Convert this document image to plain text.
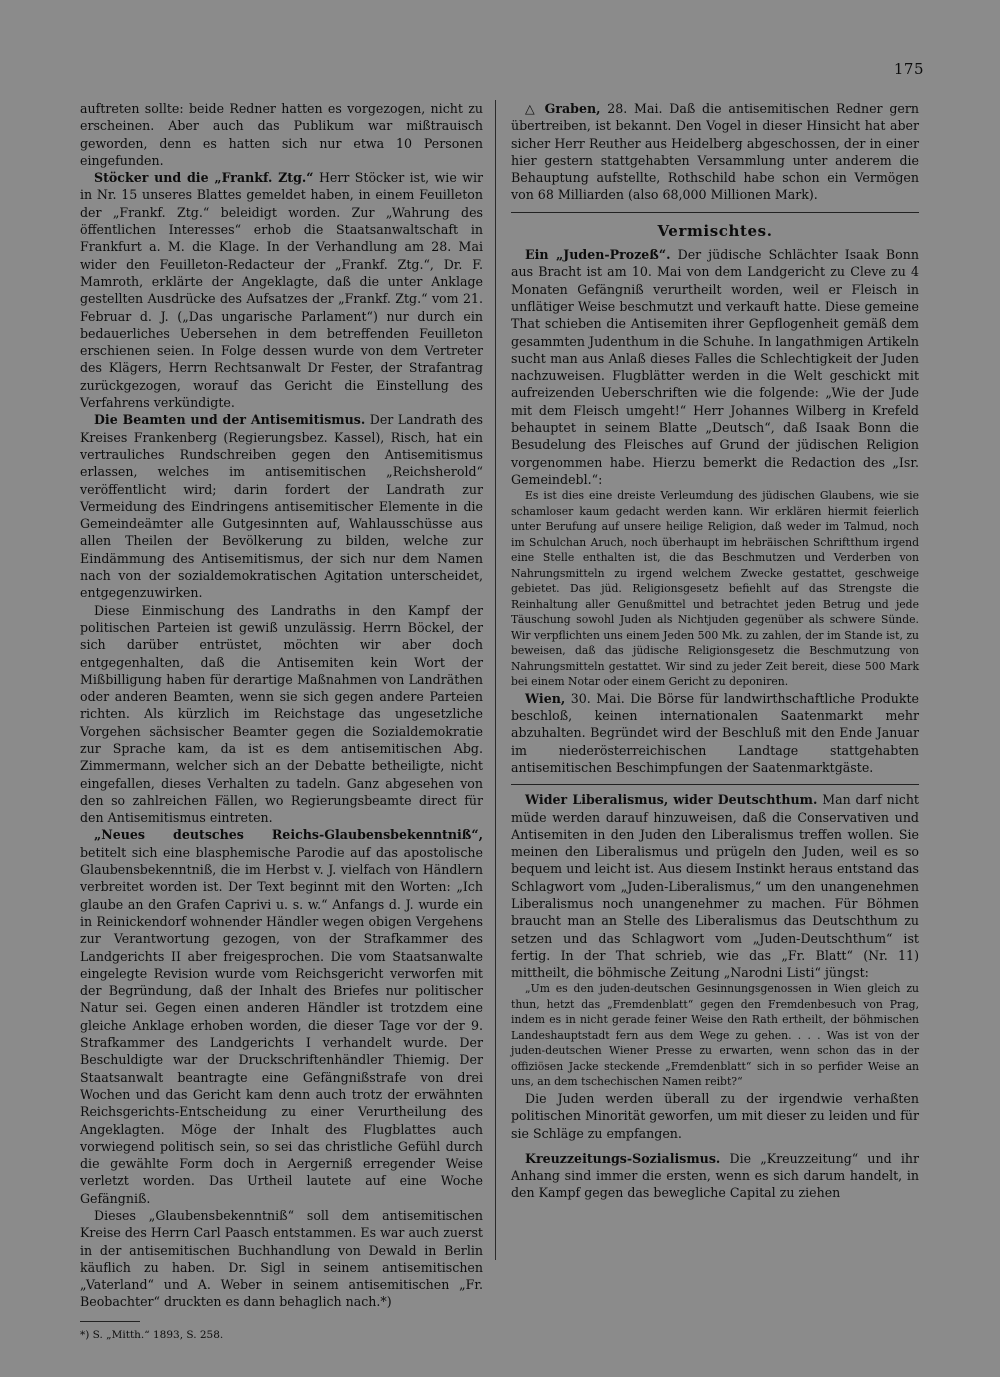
175

auftreten sollte: beide Redner hatten es vorgezogen, nicht zu erscheinen. Aber auch das Publikum war mißtrauisch geworden, denn es hatten sich nur etwa 10 Personen eingefunden.

Stöcker und die „Frankf. Ztg.“ Herr Stöcker ist, wie wir in Nr. 15 unseres Blattes gemeldet haben, in einem Feuilleton der „Frankf. Ztg.“ beleidigt worden. Zur „Wahrung des öffentlichen Interesses“ erhob die Staatsanwaltschaft in Frankfurt a. M. die Klage. In der Verhandlung am 28. Mai wider den Feuilleton-Redacteur der „Frankf. Ztg.“, Dr. F. Mamroth, erklärte der Angeklagte, daß die unter Anklage gestellten Ausdrücke des Aufsatzes der „Frankf. Ztg.“ vom 21. Februar d. J. („Das ungarische Parlament“) nur durch ein bedauerliches Uebersehen in dem betreffenden Feuilleton erschienen seien. In Folge dessen wurde von dem Vertreter des Klägers, Herrn Rechtsanwalt Dr Fester, der Strafantrag zurückgezogen, worauf das Gericht die Einstellung des Verfahrens verkündigte.

Die Beamten und der Antisemitismus. Der Landrath des Kreises Frankenberg (Regierungsbez. Kassel), Risch, hat ein vertrauliches Rundschreiben gegen den Antisemitismus erlassen, welches im antisemitischen „Reichsherold“ veröffentlicht wird; darin fordert der Landrath zur Vermeidung des Eindringens antisemitischer Elemente in die Gemeindeämter alle Gutgesinnten auf, Wahlausschüsse aus allen Theilen der Bevölkerung zu bilden, welche zur Eindämmung des Antisemitismus, der sich nur dem Namen nach von der sozialdemokratischen Agitation unterscheidet, entgegenzuwirken.

Diese Einmischung des Landraths in den Kampf der politischen Parteien ist gewiß unzulässig. Herrn Böckel, der sich darüber entrüstet, möchten wir aber doch entgegenhalten, daß die Antisemiten kein Wort der Mißbilligung haben für derartige Maßnahmen von Landräthen oder anderen Beamten, wenn sie sich gegen andere Parteien richten. Als kürzlich im Reichstage das ungesetzliche Vorgehen sächsischer Beamter gegen die Sozialdemokratie zur Sprache kam, da ist es dem antisemitischen Abg. Zimmermann, welcher sich an der Debatte betheiligte, nicht eingefallen, dieses Verhalten zu tadeln. Ganz abgesehen von den so zahlreichen Fällen, wo Regierungsbeamte direct für den Antisemitismus eintreten.

„Neues deutsches Reichs-Glaubensbekenntniß“, betitelt sich eine blasphemische Parodie auf das apostolische Glaubensbekenntniß, die im Herbst v. J. vielfach von Händlern verbreitet worden ist. Der Text beginnt mit den Worten: „Ich glaube an den Grafen Caprivi u. s. w.“ Anfangs d. J. wurde ein in Reinickendorf wohnender Händler wegen obigen Vergehens zur Verantwortung gezogen, von der Strafkammer des Landgerichts II aber freigesprochen. Die vom Staatsanwalte eingelegte Revision wurde vom Reichsgericht verworfen mit der Begründung, daß der Inhalt des Briefes nur politischer Natur sei. Gegen einen anderen Händler ist trotzdem eine gleiche Anklage erhoben worden, die dieser Tage vor der 9. Strafkammer des Landgerichts I verhandelt wurde. Der Beschuldigte war der Druckschriftenhändler Thiemig. Der Staatsanwalt beantragte eine Gefängnißstrafe von drei Wochen und das Gericht kam denn auch trotz der erwähnten Reichsgerichts-Entscheidung zu einer Verurtheilung des Angeklagten. Möge der Inhalt des Flugblattes auch vorwiegend politisch sein, so sei das christliche Gefühl durch die gewählte Form doch in Aergerniß erregender Weise verletzt worden. Das Urtheil lautete auf eine Woche Gefängniß.

Dieses „Glaubensbekenntniß“ soll dem antisemitischen Kreise des Herrn Carl Paasch entstammen. Es war auch zuerst in der antisemitischen Buchhandlung von Dewald in Berlin käuflich zu haben. Dr. Sigl in seinem antisemitischen „Vaterland“ und A. Weber in seinem antisemitischen „Fr. Beobachter“ druckten es dann behaglich nach.*)

*) S. „Mitth.“ 1893, S. 258.

△ Graben, 28. Mai. Daß die antisemitischen Redner gern übertreiben, ist bekannt. Den Vogel in dieser Hinsicht hat aber sicher Herr Reuther aus Heidelberg abgeschossen, der in einer hier gestern stattgehabten Versammlung unter anderem die Behauptung aufstellte, Rothschild habe schon ein Vermögen von 68 Milliarden (also 68,000 Millionen Mark).

Vermischtes.

Ein „Juden-Prozeß“. Der jüdische Schlächter Isaak Bonn aus Bracht ist am 10. Mai von dem Landgericht zu Cleve zu 4 Monaten Gefängniß verurtheilt worden, weil er Fleisch in unflätiger Weise beschmutzt und verkauft hatte. Diese gemeine That schieben die Antisemiten ihrer Gepflogenheit gemäß dem gesammten Judenthum in die Schuhe. In langathmigen Artikeln sucht man aus Anlaß dieses Falles die Schlechtigkeit der Juden nachzuweisen. Flugblätter werden in die Welt geschickt mit aufreizenden Ueberschriften wie die folgende: „Wie der Jude mit dem Fleisch umgeht!“ Herr Johannes Wilberg in Krefeld behauptet in seinem Blatte „Deutsch“, daß Isaak Bonn die Besudelung des Fleisches auf Grund der jüdischen Religion vorgenommen habe. Hierzu bemerkt die Redaction des „Isr. Gemeindebl.“:

Es ist dies eine dreiste Verleumdung des jüdischen Glaubens, wie sie schamloser kaum gedacht werden kann. Wir erklären hiermit feierlich unter Berufung auf unsere heilige Religion, daß weder im Talmud, noch im Schulchan Aruch, noch überhaupt im hebräischen Schriftthum irgend eine Stelle enthalten ist, die das Beschmutzen und Verderben von Nahrungsmitteln zu irgend welchem Zwecke gestattet, geschweige gebietet. Das jüd. Religionsgesetz befiehlt auf das Strengste die Reinhaltung aller Genußmittel und betrachtet jeden Betrug und jede Täuschung sowohl Juden als Nichtjuden gegenüber als schwere Sünde. Wir verpflichten uns einem Jeden 500 Mk. zu zahlen, der im Stande ist, zu beweisen, daß das jüdische Religionsgesetz die Beschmutzung von Nahrungsmitteln gestattet. Wir sind zu jeder Zeit bereit, diese 500 Mark bei einem Notar oder einem Gericht zu deponiren.

Wien, 30. Mai. Die Börse für landwirthschaftliche Produkte beschloß, keinen internationalen Saatenmarkt mehr abzuhalten. Begründet wird der Beschluß mit den Ende Januar im niederösterreichischen Landtage stattgehabten antisemitischen Beschimpfungen der Saatenmarktgäste.

Wider Liberalismus, wider Deutschthum. Man darf nicht müde werden darauf hinzuweisen, daß die Conservativen und Antisemiten in den Juden den Liberalismus treffen wollen. Sie meinen den Liberalismus und prügeln den Juden, weil es so bequem und leicht ist. Aus diesem Instinkt heraus entstand das Schlagwort vom „Juden-Liberalismus,“ um den unangenehmen Liberalismus noch unangenehmer zu machen. Für Böhmen braucht man an Stelle des Liberalismus das Deutschthum zu setzen und das Schlagwort vom „Juden-Deutschthum“ ist fertig. In der That schrieb, wie das „Fr. Blatt“ (Nr. 11) mittheilt, die böhmische Zeitung „Narodni Listi“ jüngst:

„Um es den juden-deutschen Gesinnungsgenossen in Wien gleich zu thun, hetzt das „Fremdenblatt“ gegen den Fremdenbesuch von Prag, indem es in nicht gerade feiner Weise den Rath ertheilt, der böhmischen Landeshauptstadt fern aus dem Wege zu gehen. . . . Was ist von der juden-deutschen Wiener Presse zu erwarten, wenn schon das in der offiziösen Jacke steckende „Fremdenblatt“ sich in so perfider Weise an uns, an dem tschechischen Namen reibt?“

Die Juden werden überall zu der irgendwie verhaßten politischen Minorität geworfen, um mit dieser zu leiden und für sie Schläge zu empfangen.

Kreuzzeitungs-Sozialismus. Die „Kreuzzeitung“ und ihr Anhang sind immer die ersten, wenn es sich darum handelt, in den Kampf gegen das bewegliche Capital zu ziehen
